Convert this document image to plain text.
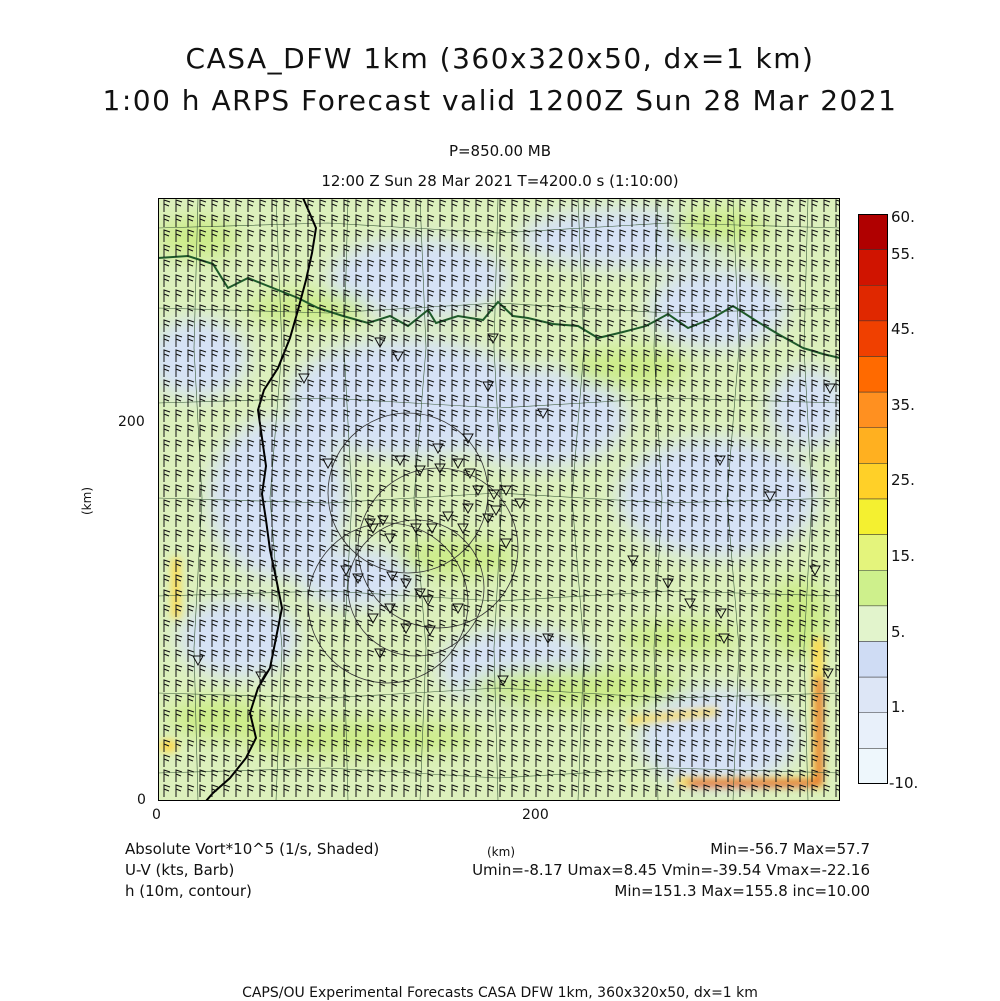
CASA_DFW 1km (360x320x50, dx=1 km)
1:00 h ARPS Forecast valid 1200Z Sun 28 Mar 2021
P=850.00 MB
12:00 Z Sun 28 Mar 2021 T=4200.0 s (1:10:00)
0	200
0
200
(km)
(km)
60.
55.
45.
35.
25.
15.
5.
1.
-10.
Absolute Vort*10^5 (1/s, Shaded)
U-V (kts, Barb)
h (10m, contour)
Min=-56.7 Max=57.7
Umin=-8.17 Umax=8.45 Vmin=-39.54 Vmax=-22.16
Min=151.3 Max=155.8 inc=10.00
CAPS/OU Experimental Forecasts CASA DFW 1km, 360x320x50, dx=1 km
